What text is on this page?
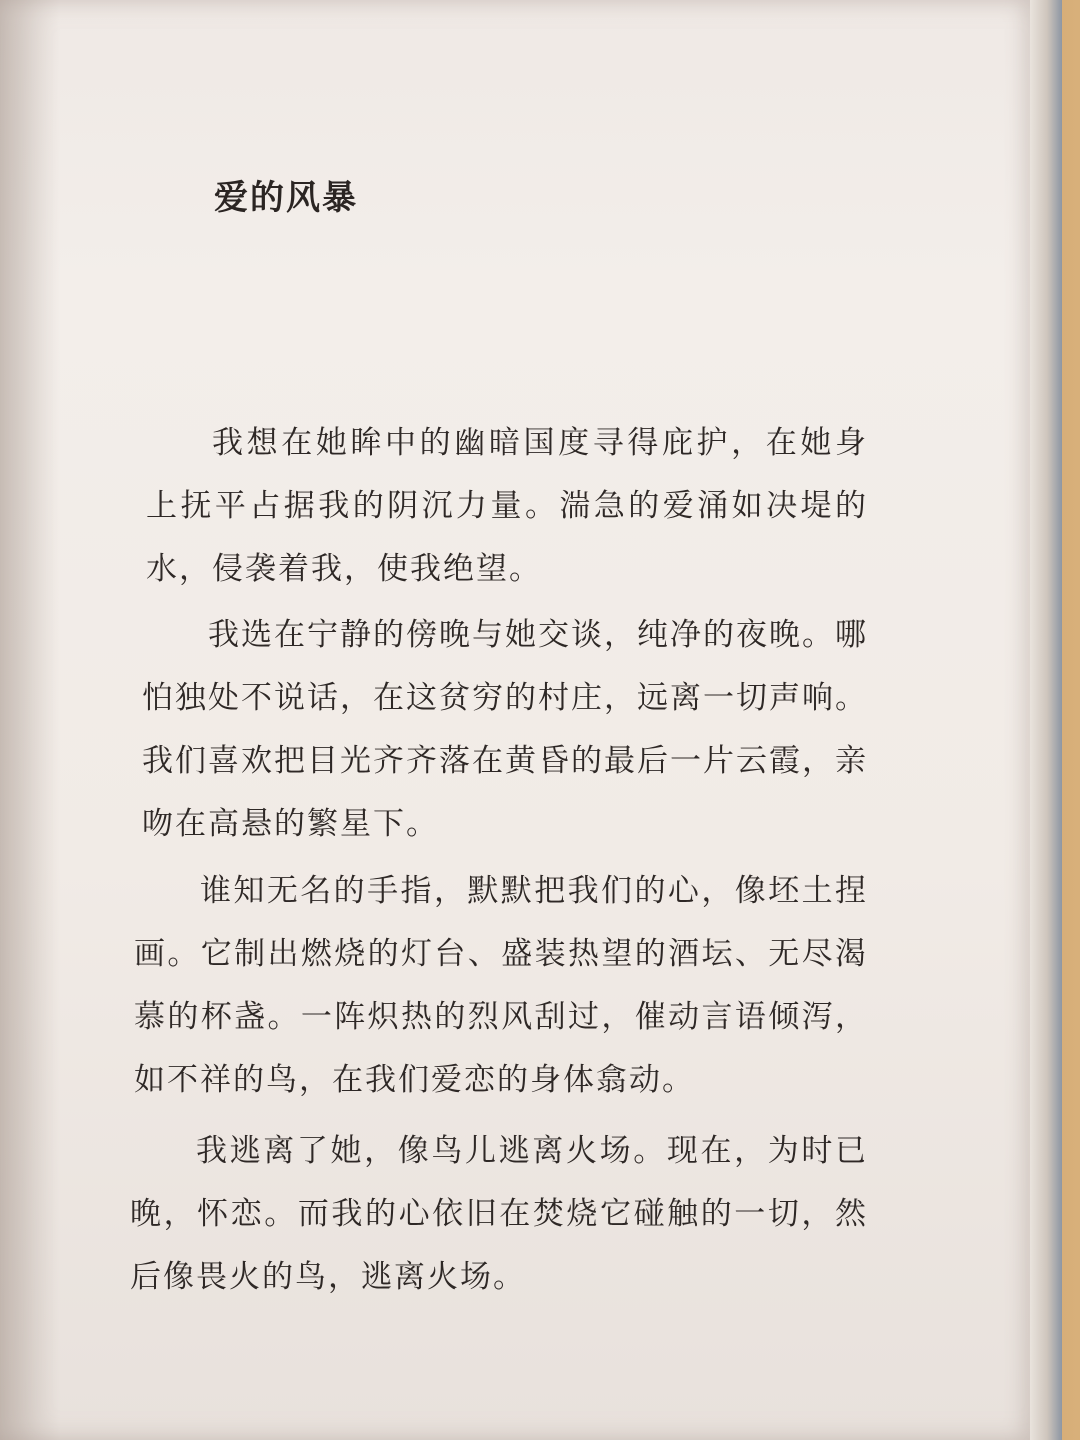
爱的风暴

我想在她眸中的幽暗国度寻得庇护，在她身上抚平占据我的阴沉力量。湍急的爱涌如决堤的水，侵袭着我，使我绝望。

我选在宁静的傍晚与她交谈，纯净的夜晚。哪怕独处不说话，在这贫穷的村庄，远离一切声响。我们喜欢把目光齐齐落在黄昏的最后一片云霞，亲吻在高悬的繁星下。

谁知无名的手指，默默把我们的心，像坯土捏画。它制出燃烧的灯台、盛装热望的酒坛、无尽渴慕的杯盏。一阵炽热的烈风刮过，催动言语倾泻，如不祥的鸟，在我们爱恋的身体翕动。

我逃离了她，像鸟儿逃离火场。现在，为时已晚，怀恋。而我的心依旧在焚烧它碰触的一切，然后像畏火的鸟，逃离火场。
